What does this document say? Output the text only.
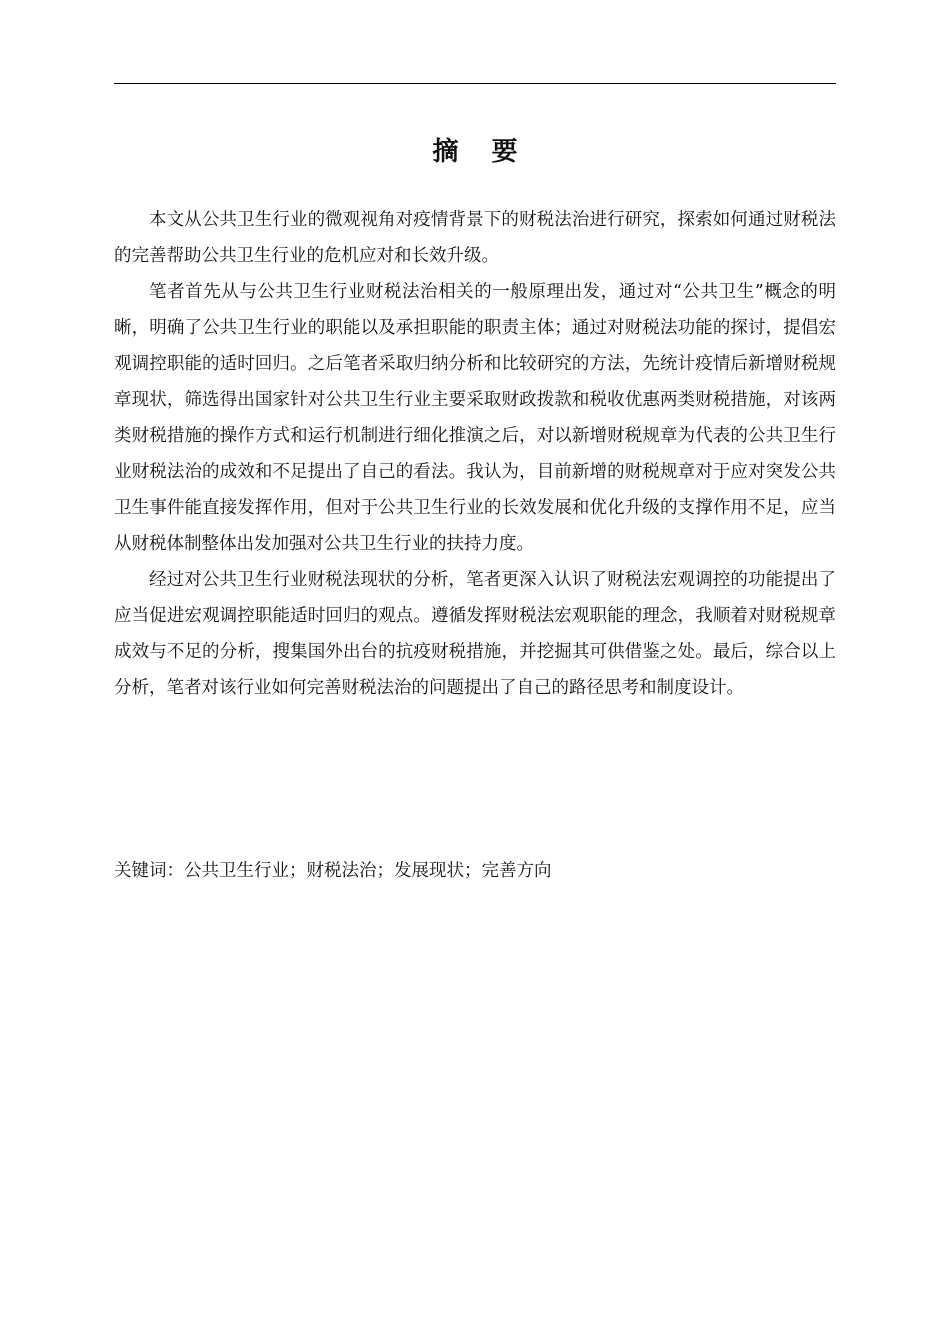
摘 要

本文从公共卫生行业的微观视角对疫情背景下的财税法治进行研究，探索如何通过财税法的完善帮助公共卫生行业的危机应对和长效升级。

笔者首先从与公共卫生行业财税法治相关的一般原理出发，通过对“公共卫生”概念的明晰，明确了公共卫生行业的职能以及承担职能的职责主体；通过对财税法功能的探讨，提倡宏观调控职能的适时回归。之后笔者采取归纳分析和比较研究的方法，先统计疫情后新增财税规章现状，筛选得出国家针对公共卫生行业主要采取财政拨款和税收优惠两类财税措施，对该两类财税措施的操作方式和运行机制进行细化推演之后，对以新增财税规章为代表的公共卫生行业财税法治的成效和不足提出了自己的看法。我认为，目前新增的财税规章对于应对突发公共卫生事件能直接发挥作用，但对于公共卫生行业的长效发展和优化升级的支撑作用不足，应当从财税体制整体出发加强对公共卫生行业的扶持力度。

经过对公共卫生行业财税法现状的分析，笔者更深入认识了财税法宏观调控的功能提出了应当促进宏观调控职能适时回归的观点。遵循发挥财税法宏观职能的理念，我顺着对财税规章成效与不足的分析，搜集国外出台的抗疫财税措施，并挖掘其可供借鉴之处。最后，综合以上分析，笔者对该行业如何完善财税法治的问题提出了自己的路径思考和制度设计。

关键词：公共卫生行业；财税法治；发展现状；完善方向
